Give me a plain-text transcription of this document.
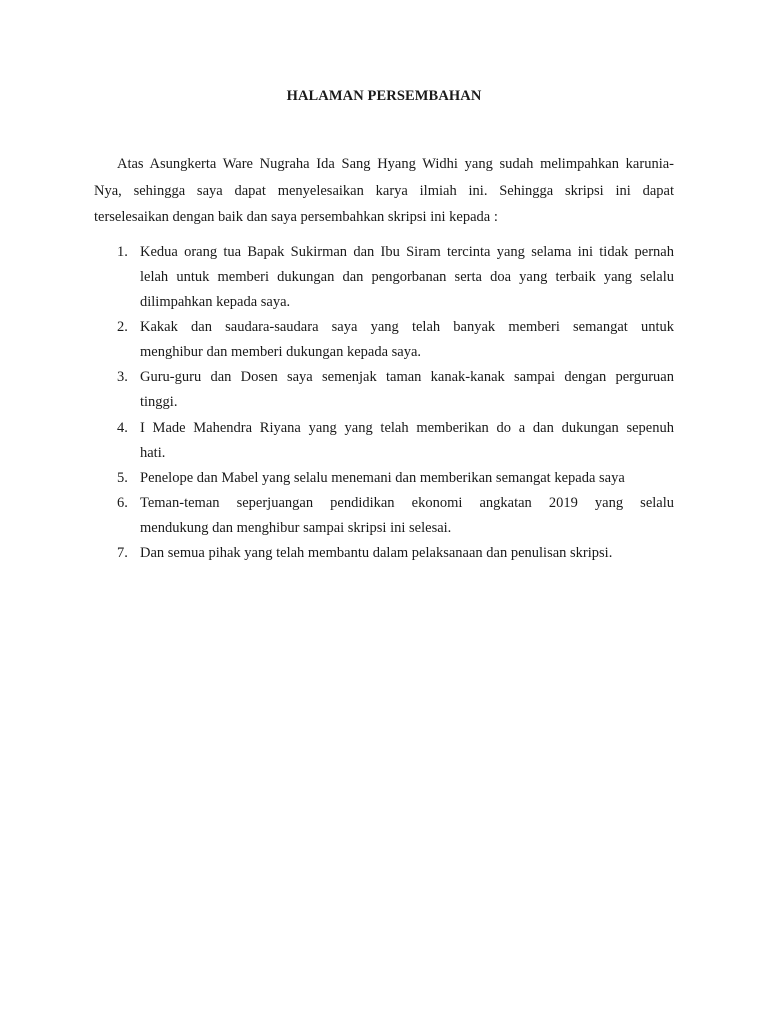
HALAMAN PERSEMBAHAN
Atas Asungkerta Ware Nugraha Ida Sang Hyang Widhi yang sudah melimpahkan karunia-
Nya, sehingga saya dapat menyelesaikan karya ilmiah ini. Sehingga skripsi ini dapat
terselesaikan dengan baik dan saya persembahkan skripsi ini kepada :
1. Kedua orang tua Bapak Sukirman dan Ibu Siram tercinta yang selama ini tidak pernah
lelah untuk memberi dukungan dan pengorbanan serta doa yang terbaik yang selalu
dilimpahkan kepada saya.
2. Kakak dan saudara-saudara saya yang telah banyak memberi semangat untuk
menghibur dan memberi dukungan kepada saya.
3. Guru-guru dan Dosen saya semenjak taman kanak-kanak sampai dengan perguruan
tinggi.
4. I Made Mahendra Riyana yang yang telah memberikan do a dan dukungan sepenuh
hati.
5. Penelope dan Mabel yang selalu menemani dan memberikan semangat kepada saya
6. Teman-teman seperjuangan pendidikan ekonomi angkatan 2019 yang selalu
mendukung dan menghibur sampai skripsi ini selesai.
7. Dan semua pihak yang telah membantu dalam pelaksanaan dan penulisan skripsi.
